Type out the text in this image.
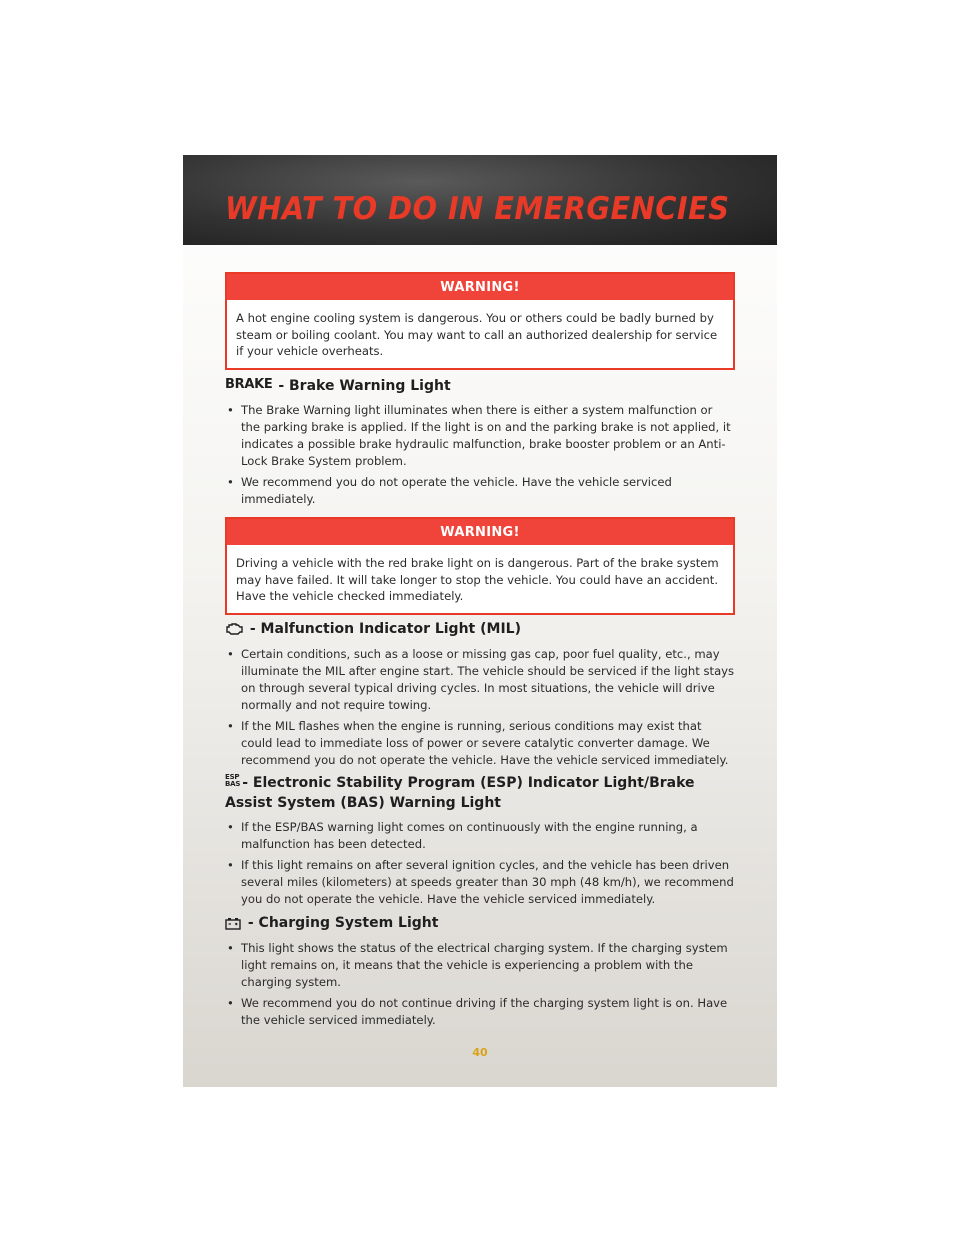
WHAT TO DO IN EMERGENCIES
WARNING!
A hot engine cooling system is dangerous. You or others could be badly burned by steam or boiling coolant. You may want to call an authorized dealership for service if your vehicle overheats.
BRAKE - Brake Warning Light
• The Brake Warning light illuminates when there is either a system malfunction or the parking brake is applied. If the light is on and the parking brake is not applied, it indicates a possible brake hydraulic malfunction, brake booster problem or an Anti-Lock Brake System problem.
• We recommend you do not operate the vehicle. Have the vehicle serviced immediately.
WARNING!
Driving a vehicle with the red brake light on is dangerous. Part of the brake system may have failed. It will take longer to stop the vehicle. You could have an accident. Have the vehicle checked immediately.
- Malfunction Indicator Light (MIL)
• Certain conditions, such as a loose or missing gas cap, poor fuel quality, etc., may illuminate the MIL after engine start. The vehicle should be serviced if the light stays on through several typical driving cycles. In most situations, the vehicle will drive normally and not require towing.
• If the MIL flashes when the engine is running, serious conditions may exist that could lead to immediate loss of power or severe catalytic converter damage. We recommend you do not operate the vehicle. Have the vehicle serviced immediately.
ESP
BAS - Electronic Stability Program (ESP) Indicator Light/Brake Assist System (BAS) Warning Light
• If the ESP/BAS warning light comes on continuously with the engine running, a malfunction has been detected.
• If this light remains on after several ignition cycles, and the vehicle has been driven several miles (kilometers) at speeds greater than 30 mph (48 km/h), we recommend you do not operate the vehicle. Have the vehicle serviced immediately.
- Charging System Light
• This light shows the status of the electrical charging system. If the charging system light remains on, it means that the vehicle is experiencing a problem with the charging system.
• We recommend you do not continue driving if the charging system light is on. Have the vehicle serviced immediately.
40
